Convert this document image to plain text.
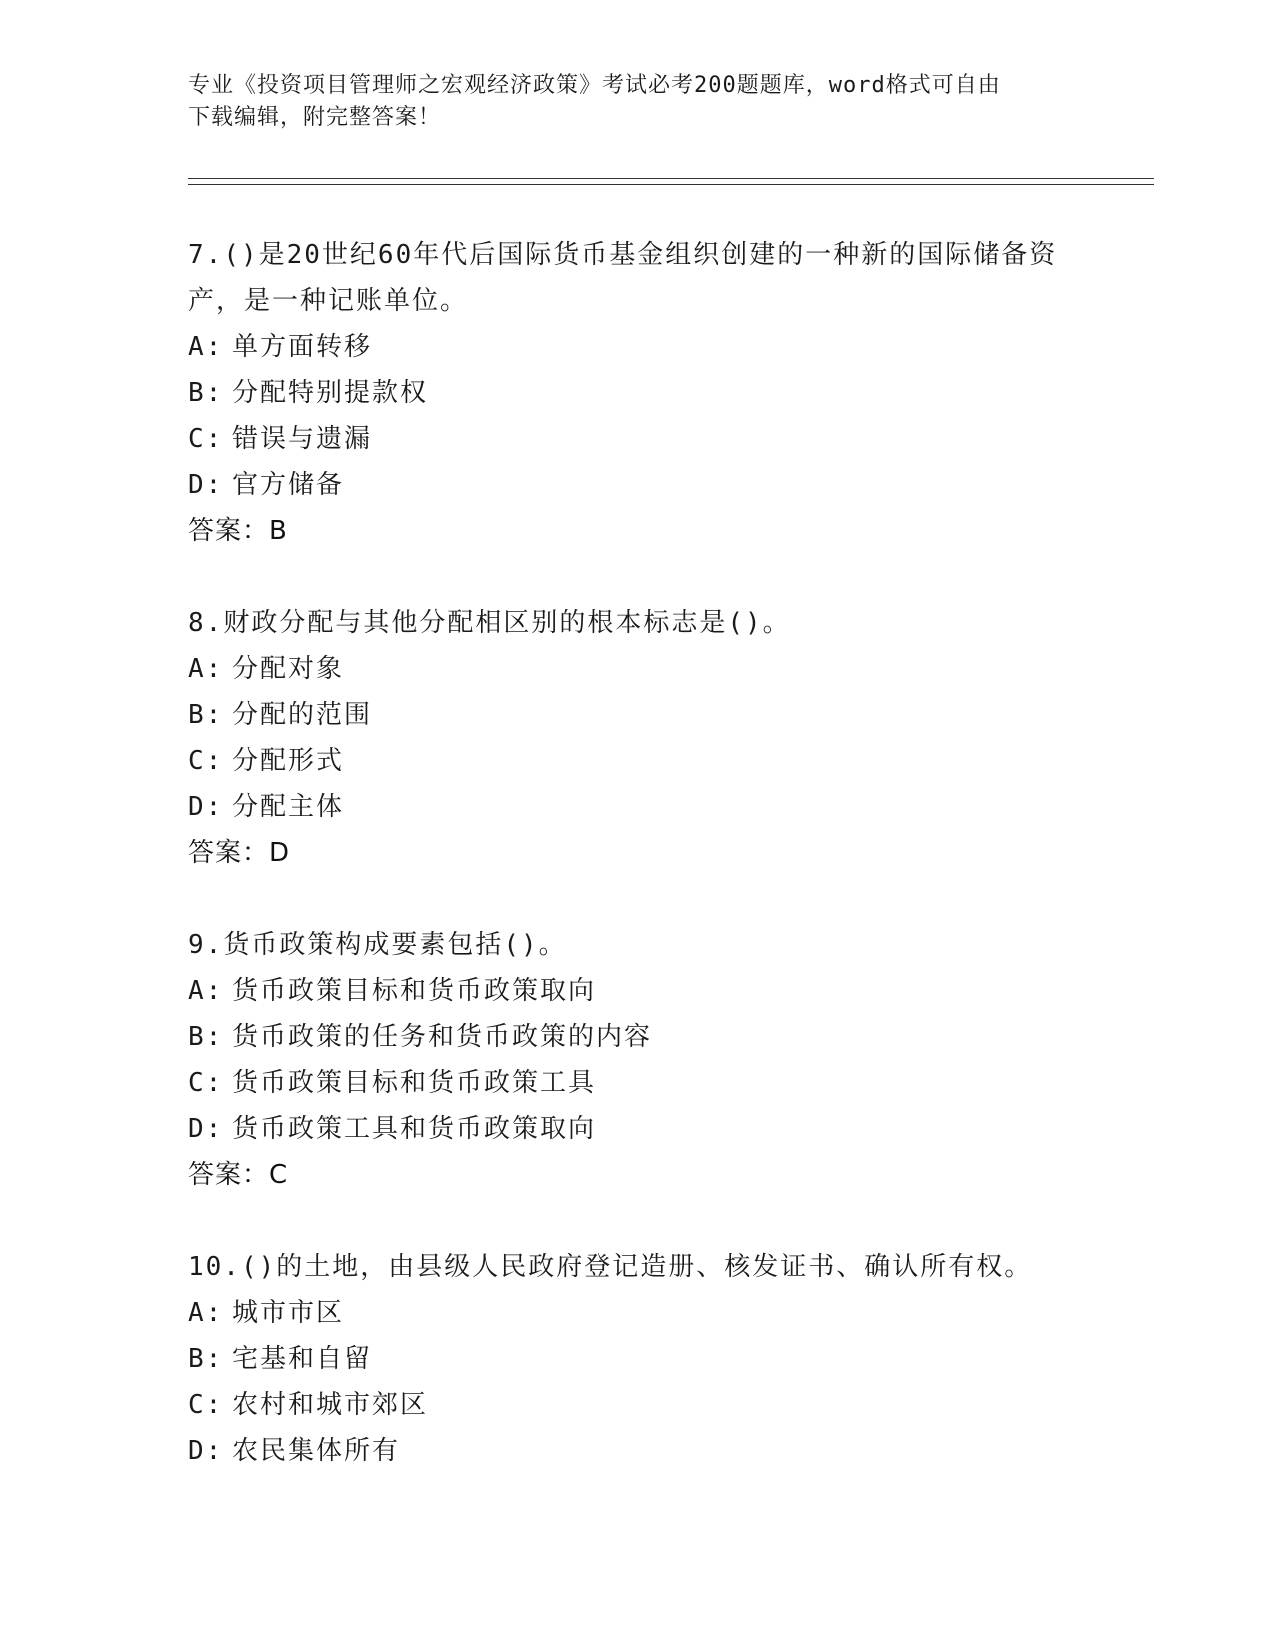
专业《投资项目管理师之宏观经济政策》考试必考200题题库，word格式可自由
下载编辑，附完整答案！
7.()是20世纪60年代后国际货币基金组织创建的一种新的国际储备资产，是一种记账单位。
A: 单方面转移
B: 分配特别提款权
C: 错误与遗漏
D: 官方储备
答案：B
8.财政分配与其他分配相区别的根本标志是()。
A: 分配对象
B: 分配的范围
C: 分配形式
D: 分配主体
答案：D
9.货币政策构成要素包括()。
A: 货币政策目标和货币政策取向
B: 货币政策的任务和货币政策的内容
C: 货币政策目标和货币政策工具
D: 货币政策工具和货币政策取向
答案：C
10.()的土地，由县级人民政府登记造册、核发证书、确认所有权。
A: 城市市区
B: 宅基和自留
C: 农村和城市郊区
D: 农民集体所有
